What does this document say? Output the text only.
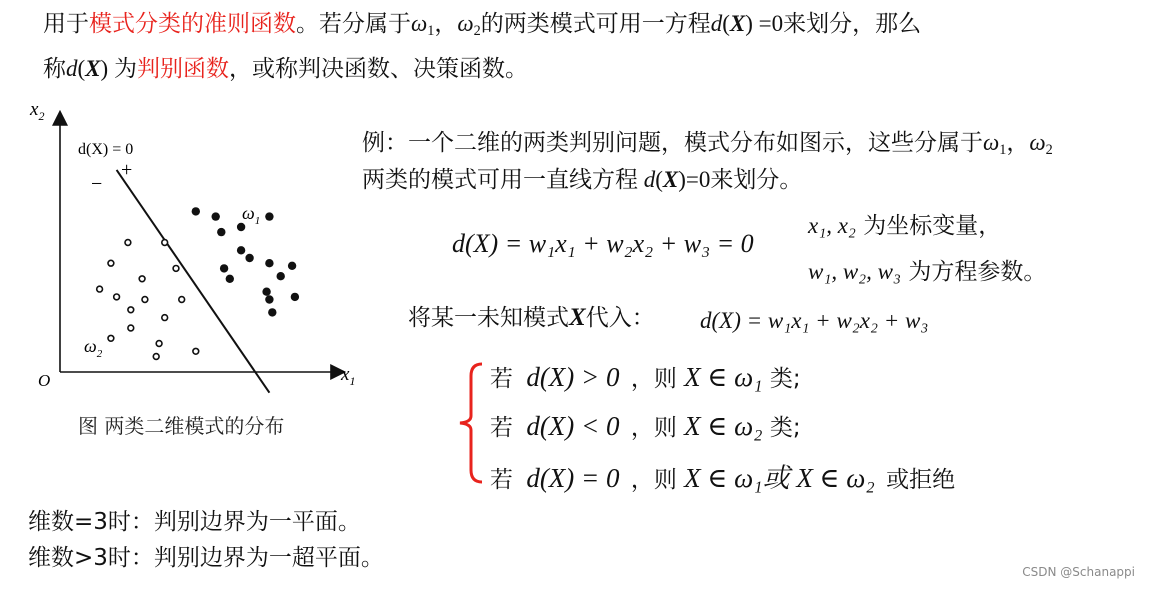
用于模式分类的准则函数。若分属于$\omega_1$，$\omega_2$的两类模式可用一方程d(X) =0来划分，那么
称d(X) 为判别函数，或称判决函数、决策函数。
$x_2$
$x_1$
O
d(X) = 0
+
−
$\omega_1$
$\omega_2$
图 两类二维模式的分布
例：一个二维的两类判别问题，模式分布如图示，这些分属于$\omega_1$，$\omega_2$
两类的模式可用一直线方程 d(X)=0来划分。
d(X) = w₁x₁ + w₂x₂ + w₃ = 0
x₁, x₂ 为坐标变量，
w₁, w₂, w₃ 为方程参数。
将某一未知模式X代入： d(X) = w₁x₁ + w₂x₂ + w₃
若 d(X) > 0 ，则 X ∈ ω₁ 类;
若 d(X) < 0 ，则 X ∈ ω₂ 类;
若 d(X) = 0 ，则 X ∈ ω₁或 X ∈ ω₂ 或拒绝
维数=3时：判别边界为一平面。
维数>3时：判别边界为一超平面。
CSDN @Schanappi
